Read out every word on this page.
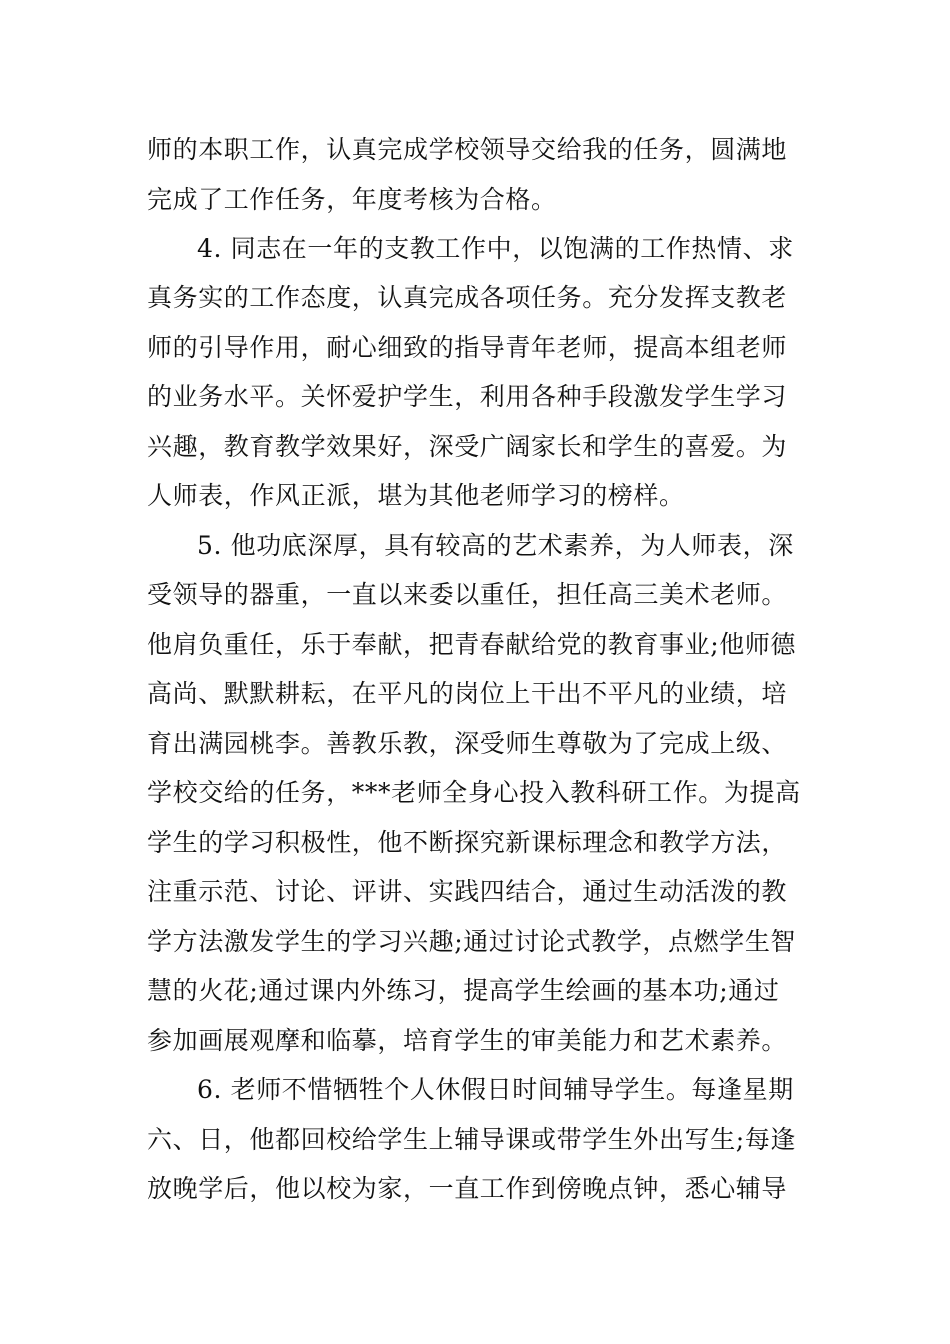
师的本职工作，认真完成学校领导交给我的任务，圆满地
完成了工作任务，年度考核为合格。
4. 同志在一年的支教工作中，以饱满的工作热情、求
真务实的工作态度，认真完成各项任务。充分发挥支教老
师的引导作用，耐心细致的指导青年老师，提高本组老师
的业务水平。关怀爱护学生，利用各种手段激发学生学习
兴趣，教育教学效果好，深受广阔家长和学生的喜爱。为
人师表，作风正派，堪为其他老师学习的榜样。
5. 他功底深厚，具有较高的艺术素养，为人师表，深
受领导的器重，一直以来委以重任，担任高三美术老师。
他肩负重任，乐于奉献，把青春献给党的教育事业;他师德
高尚、默默耕耘，在平凡的岗位上干出不平凡的业绩，培
育出满园桃李。善教乐教，深受师生尊敬为了完成上级、
学校交给的任务，***老师全身心投入教科研工作。为提高
学生的学习积极性，他不断探究新课标理念和教学方法，
注重示范、讨论、评讲、实践四结合，通过生动活泼的教
学方法激发学生的学习兴趣;通过讨论式教学，点燃学生智
慧的火花;通过课内外练习，提高学生绘画的基本功;通过
参加画展观摩和临摹，培育学生的审美能力和艺术素养。
6. 老师不惜牺牲个人休假日时间辅导学生。每逢星期
六、日，他都回校给学生上辅导课或带学生外出写生;每逢
放晚学后，他以校为家，一直工作到傍晚点钟，悉心辅导
